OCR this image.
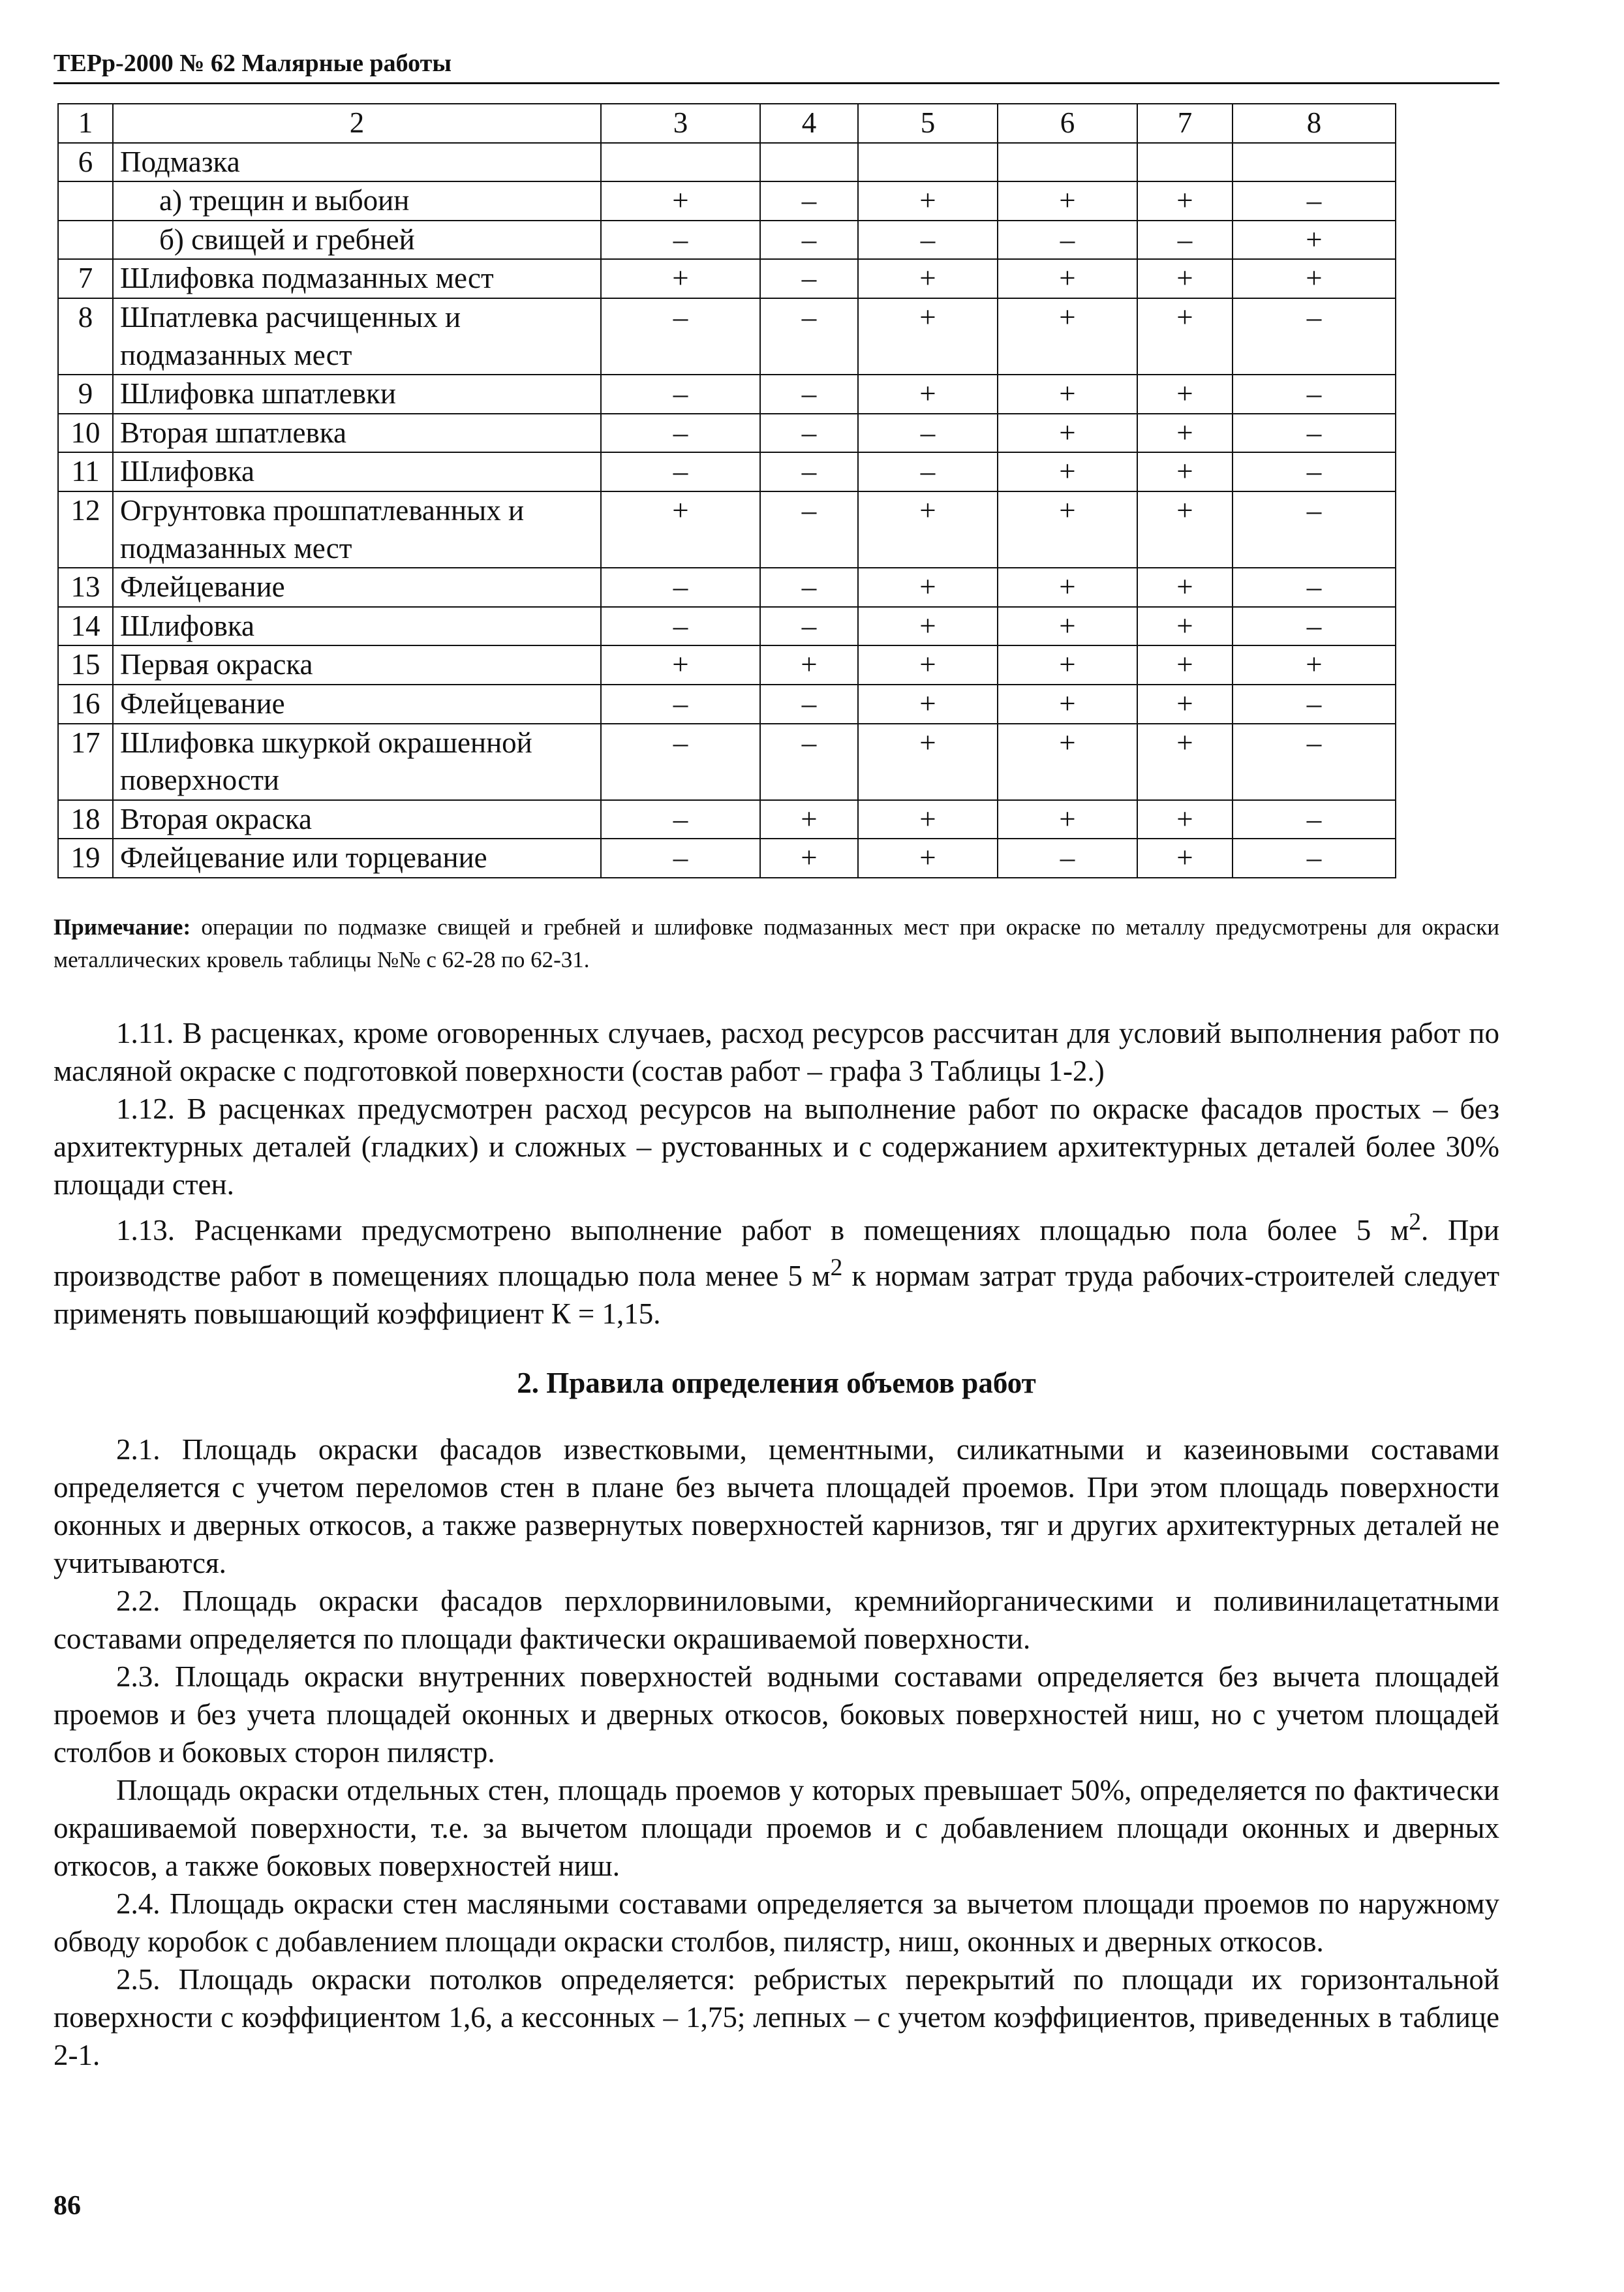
ТЕРр-2000 № 62 Малярные работы
1	2	3	4	5	6	7	8
6	Подмазка						
	а) трещин и выбоин	+	–	+	+	+	–
	б) свищей и гребней	–	–	–	–	–	+
7	Шлифовка подмазанных мест	+	–	+	+	+	+
8	Шпатлевка расчищенных и подмазанных мест	–	–	+	+	+	–
9	Шлифовка шпатлевки	–	–	+	+	+	–
10	Вторая шпатлевка	–	–	–	+	+	–
11	Шлифовка	–	–	–	+	+	–
12	Огрунтовка прошпатлеванных и подмазанных мест	+	–	+	+	+	–
13	Флейцевание	–	–	+	+	+	–
14	Шлифовка	–	–	+	+	+	–
15	Первая окраска	+	+	+	+	+	+
16	Флейцевание	–	–	+	+	+	–
17	Шлифовка шкуркой окрашенной поверхности	–	–	+	+	+	–
18	Вторая окраска	–	+	+	+	+	–
19	Флейцевание или торцевание	–	+	+	–	+	–
Примечание: операции по подмазке свищей и гребней и шлифовке подмазанных мест при окраске по металлу предусмотрены для окраски металлических кровель таблицы №№ с 62-28 по 62-31.

1.11. В расценках, кроме оговоренных случаев, расход ресурсов рассчитан для условий выполнения работ по масляной окраске с подготовкой поверхности (состав работ – графа 3 Таблицы 1-2.)

1.12. В расценках предусмотрен расход ресурсов на выполнение работ по окраске фасадов простых – без архитектурных деталей (гладких) и сложных – рустованных и с содержанием архитектурных деталей более 30% площади стен.

1.13. Расценками предусмотрено выполнение работ в помещениях площадью пола более 5 $м^2$. При производстве работ в помещениях площадью пола менее 5 $м^2$ к нормам затрат труда рабочих-строителей следует применять повышающий коэффициент К = 1,15.

2. Правила определения объемов работ

2.1. Площадь окраски фасадов известковыми, цементными, силикатными и казеиновыми составами определяется с учетом переломов стен в плане без вычета площадей проемов. При этом площадь поверхности оконных и дверных откосов, а также развернутых поверхностей карнизов, тяг и других архитектурных деталей не учитываются.

2.2. Площадь окраски фасадов перхлорвиниловыми, кремнийорганическими и поливинилацетатными составами определяется по площади фактически окрашиваемой поверхности.

2.3. Площадь окраски внутренних поверхностей водными составами определяется без вычета площадей проемов и без учета площадей оконных и дверных откосов, боковых поверхностей ниш, но с учетом площадей столбов и боковых сторон пилястр.

Площадь окраски отдельных стен, площадь проемов у которых превышает 50%, определяется по фактически окрашиваемой поверхности, т.е. за вычетом площади проемов и с добавлением площади оконных и дверных откосов, а также боковых поверхностей ниш.

2.4. Площадь окраски стен масляными составами определяется за вычетом площади проемов по наружному обводу коробок с добавлением площади окраски столбов, пилястр, ниш, оконных и дверных откосов.

2.5. Площадь окраски потолков определяется: ребристых перекрытий по площади их горизонтальной поверхности с коэффициентом 1,6, а кессонных – 1,75; лепных – с учетом коэффициентов, приведенных в таблице 2-1.

86
